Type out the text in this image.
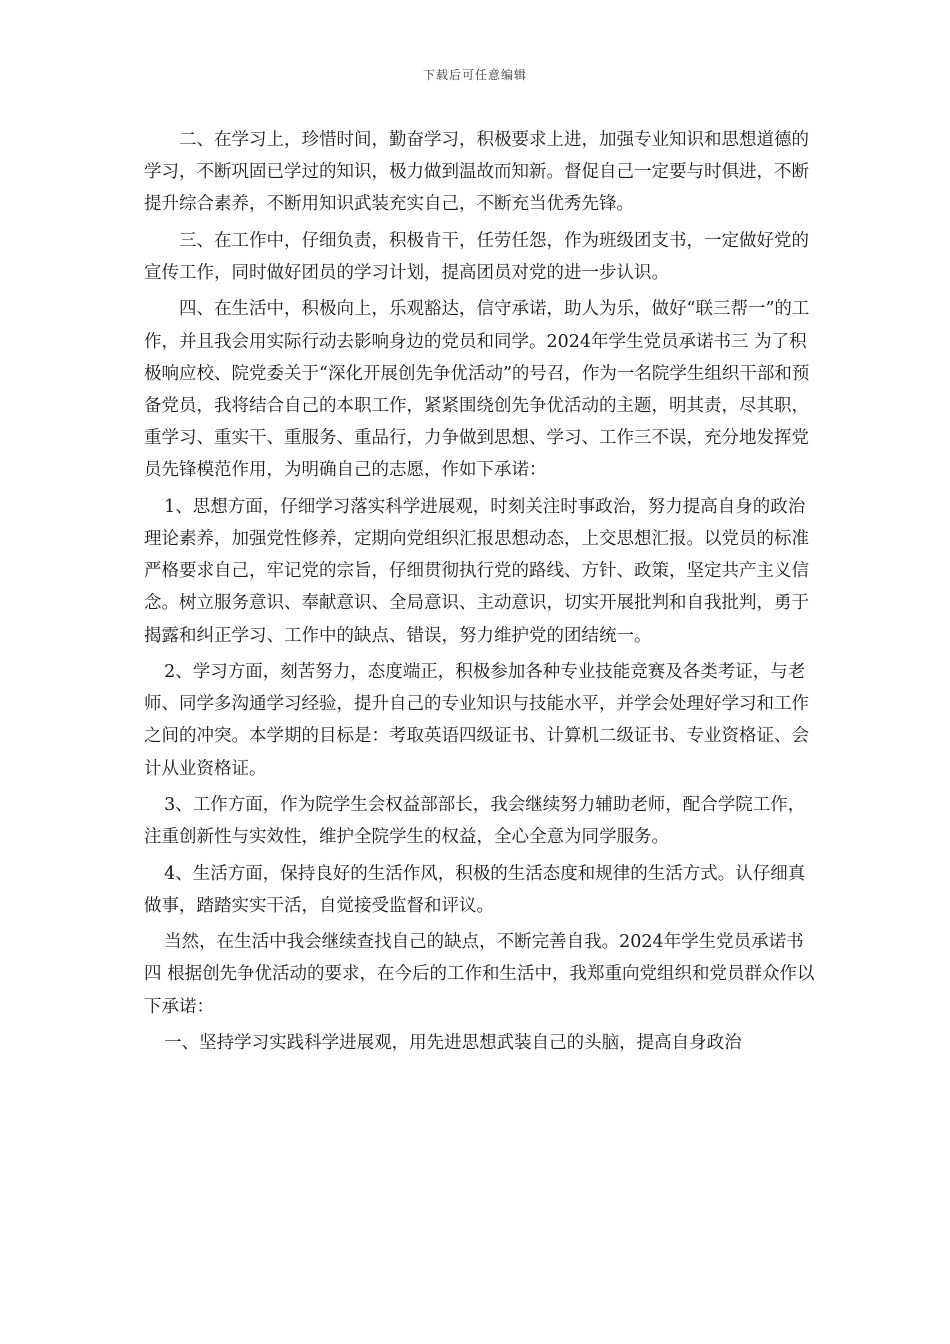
下载后可任意编辑

二、在学习上，珍惜时间，勤奋学习，积极要求上进，加强专业知识和思想道德的学习，不断巩固已学过的知识，极力做到温故而知新。督促自己一定要与时俱进，不断提升综合素养，不断用知识武装充实自己，不断充当优秀先锋。

三、在工作中，仔细负责，积极肯干，任劳任怨，作为班级团支书，一定做好党的宣传工作，同时做好团员的学习计划，提高团员对党的进一步认识。

四、在生活中，积极向上，乐观豁达，信守承诺，助人为乐，做好“联三帮一”的工作，并且我会用实际行动去影响身边的党员和同学。2024年学生党员承诺书三 为了积极响应校、院党委关于“深化开展创先争优活动”的号召，作为一名院学生组织干部和预备党员，我将结合自己的本职工作，紧紧围绕创先争优活动的主题，明其责，尽其职，重学习、重实干、重服务、重品行，力争做到思想、学习、工作三不误，充分地发挥党员先锋模范作用，为明确自己的志愿，作如下承诺：

1、思想方面，仔细学习落实科学进展观，时刻关注时事政治，努力提高自身的政治理论素养，加强党性修养，定期向党组织汇报思想动态，上交思想汇报。以党员的标准严格要求自己，牢记党的宗旨，仔细贯彻执行党的路线、方针、政策，坚定共产主义信念。树立服务意识、奉献意识、全局意识、主动意识，切实开展批判和自我批判，勇于揭露和纠正学习、工作中的缺点、错误，努力维护党的团结统一。

2、学习方面，刻苦努力，态度端正，积极参加各种专业技能竞赛及各类考证，与老师、同学多沟通学习经验，提升自己的专业知识与技能水平，并学会处理好学习和工作之间的冲突。本学期的目标是：考取英语四级证书、计算机二级证书、专业资格证、会计从业资格证。

3、工作方面，作为院学生会权益部部长，我会继续努力辅助老师，配合学院工作，注重创新性与实效性，维护全院学生的权益，全心全意为同学服务。

4、生活方面，保持良好的生活作风，积极的生活态度和规律的生活方式。认仔细真做事，踏踏实实干活，自觉接受监督和评议。

当然，在生活中我会继续查找自己的缺点，不断完善自我。2024年学生党员承诺书四 根据创先争优活动的要求，在今后的工作和生活中，我郑重向党组织和党员群众作以下承诺：

一、坚持学习实践科学进展观，用先进思想武装自己的头脑，提高自身政治
